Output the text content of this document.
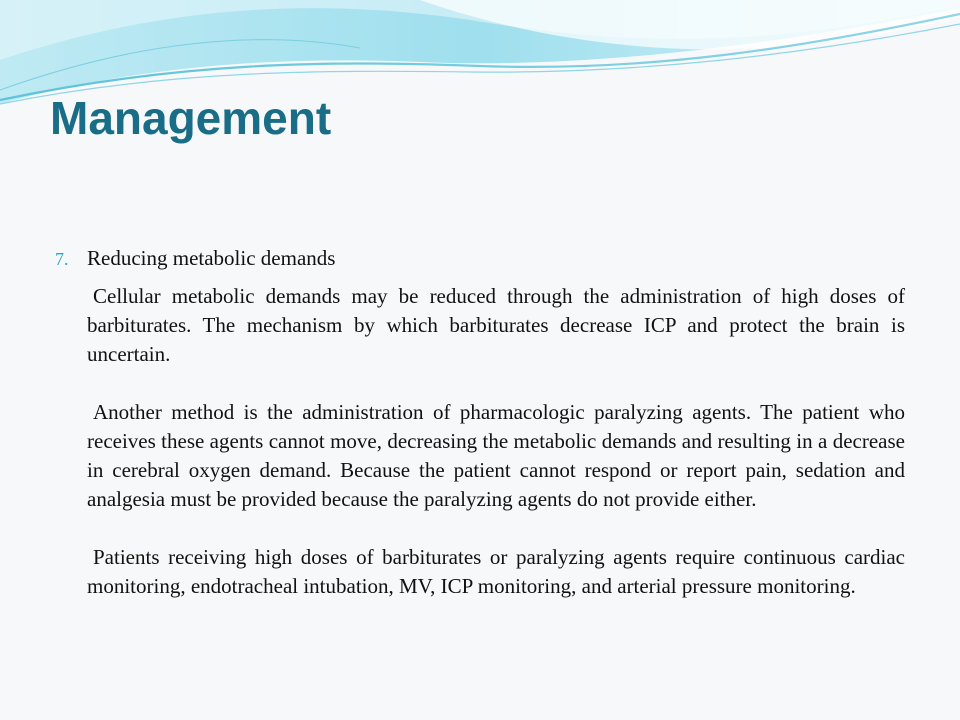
Management

7. Reducing metabolic demands

Cellular metabolic demands may be reduced through the administration of high doses of barbiturates. The mechanism by which barbiturates decrease ICP and protect the brain is uncertain.

Another method is the administration of pharmacologic paralyzing agents. The patient who receives these agents cannot move, decreasing the metabolic demands and resulting in a decrease in cerebral oxygen demand. Because the patient cannot respond or report pain, sedation and analgesia must be provided because the paralyzing agents do not provide either.

Patients receiving high doses of barbiturates or paralyzing agents require continuous cardiac monitoring, endotracheal intubation, MV, ICP monitoring, and arterial pressure monitoring.
